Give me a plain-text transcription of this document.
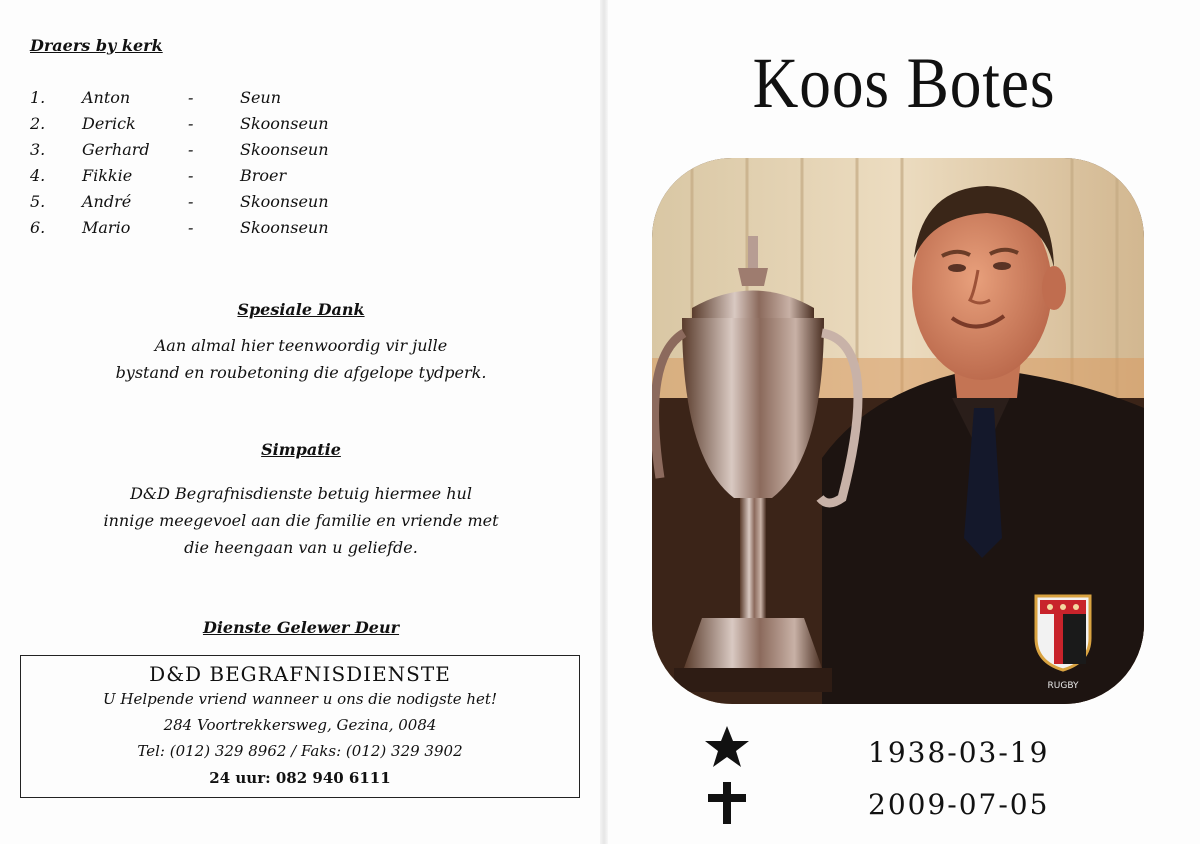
Draers by kerk
1. Anton	-	Seun
2. Derick	-	Skoonseun
3. Gerhard -	Skoonseun
4. Fikkie	-	Broer
5. André	-	Skoonseun
6. Mario	-	Skoonseun
Spesiale Dank

Aan almal hier teenwoordig vir julle
bystand en roubetoning die afgelope tydperk.

Simpatie

D&D Begrafnisdienste betuig hiermee hul
innige meegevoel aan die familie en vriende met
die heengaan van u geliefde.

Dienste Gelewer Deur
D&D BEGRAFNISDIENSTE
U Helpende vriend wanneer u ons die nodigste het!
284 Voortrekkersweg, Gezina, 0084
Tel: (012) 329 8962 / Faks: (012) 329 3902
24 uur: 082 940 6111
Koos Botes
RUGBY
1938-03-19
2009-07-05
